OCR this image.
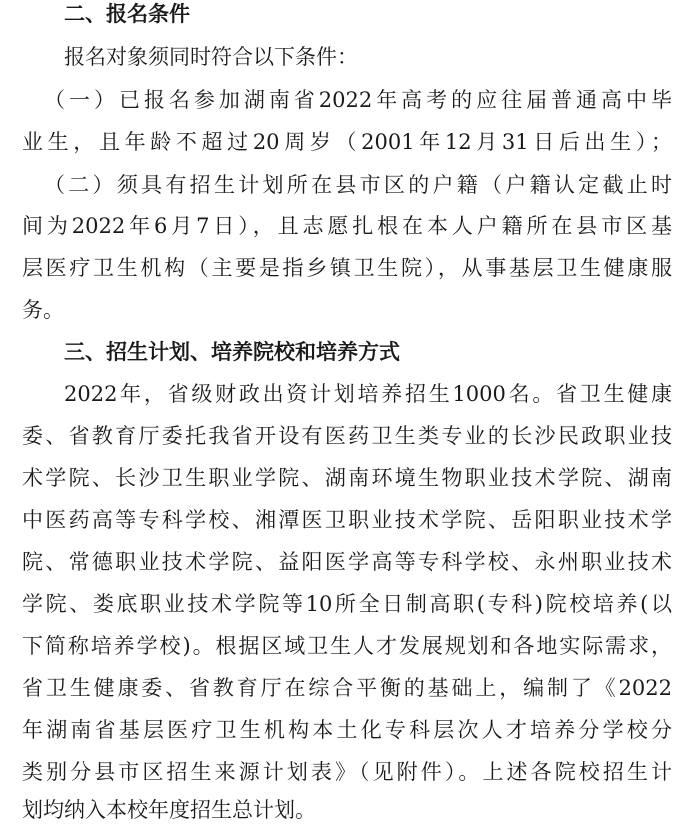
二、报名条件
报名对象须同时符合以下条件：
（一）已报名参加湖南省2022年高考的应往届普通高中毕
业生，且年龄不超过20周岁（2001年12月31日后出生）；
（二）须具有招生计划所在县市区的户籍（户籍认定截止时
间为2022年6月7日），且志愿扎根在本人户籍所在县市区基
层医疗卫生机构（主要是指乡镇卫生院），从事基层卫生健康服
务。
三、招生计划、培养院校和培养方式
2022年，省级财政出资计划培养招生1000名。省卫生健康
委、省教育厅委托我省开设有医药卫生类专业的长沙民政职业技
术学院、长沙卫生职业学院、湖南环境生物职业技术学院、湖南
中医药高等专科学校、湘潭医卫职业技术学院、岳阳职业技术学
院、常德职业技术学院、益阳医学高等专科学校、永州职业技术
学院、娄底职业技术学院等10所全日制高职(专科)院校培养(以
下简称培养学校)。根据区域卫生人才发展规划和各地实际需求，
省卫生健康委、省教育厅在综合平衡的基础上，编制了《2022
年湖南省基层医疗卫生机构本土化专科层次人才培养分学校分
类别分县市区招生来源计划表》（见附件）。上述各院校招生计
划均纳入本校年度招生总计划。
